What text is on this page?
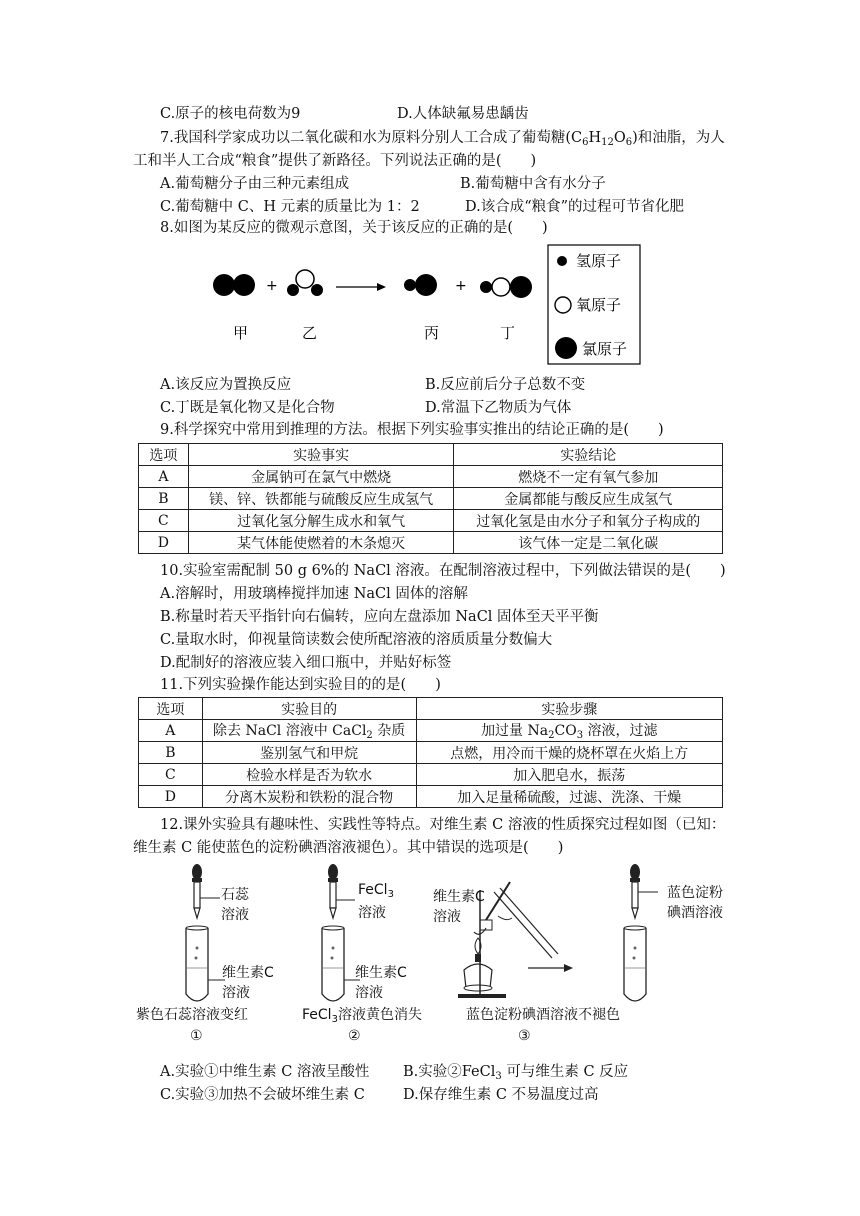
C.原子的核电荷数为9	D.人体缺氟易患龋齿
7.我国科学家成功以二氧化碳和水为原料分别人工合成了葡萄糖$(C_6H_{12}O_6)$和油脂，为人
工和半人工合成“粮食”提供了新路径。下列说法正确的是(　　)
A.葡萄糖分子由三种元素组成	B.葡萄糖中含有水分子
C.葡萄糖中 C、H 元素的质量比为 1：2	D.该合成“粮食”的过程可节省化肥
8.如图为某反应的微观示意图，关于该反应的正确的是(　　)
+	+
甲	乙	丙	丁
氢原子
氧原子
氯原子
A.该反应为置换反应	B.反应前后分子总数不变
C.丁既是氧化物又是化合物	D.常温下乙物质为气体
9.科学探究中常用到推理的方法。根据下列实验事实推出的结论正确的是(　　)
选项	实验事实	实验结论
A	金属钠可在氯气中燃烧	燃烧不一定有氧气参加
B	镁、锌、铁都能与硫酸反应生成氢气	金属都能与酸反应生成氢气
C	过氧化氢分解生成水和氧气	过氧化氢是由水分子和氧分子构成的
D	某气体能使燃着的木条熄灭	该气体一定是二氧化碳
10.实验室需配制 50 g 6%的 NaCl 溶液。在配制溶液过程中，下列做法错误的是(　　)
A.溶解时，用玻璃棒搅拌加速 NaCl 固体的溶解
B.称量时若天平指针向右偏转，应向左盘添加 NaCl 固体至天平平衡
C.量取水时，仰视量筒读数会使所配溶液的溶质质量分数偏大
D.配制好的溶液应装入细口瓶中，并贴好标签
11.下列实验操作能达到实验目的的是(　　)
选项	实验目的	实验步骤
A	除去 NaCl 溶液中 CaCl$_2$ 杂质	加过量 $Na_2CO_3$ 溶液，过滤
B	鉴别氢气和甲烷	点燃，用冷而干燥的烧杯罩在火焰上方
C	检验水样是否为软水	加入肥皂水，振荡
D	分离木炭粉和铁粉的混合物	加入足量稀硫酸，过滤、洗涤、干燥
12.课外实验具有趣味性、实践性等特点。对维生素 C 溶液的性质探究过程如图（已知：
维生素 C 能使蓝色的淀粉碘酒溶液褪色）。其中错误的选项是(　　)
石蕊
溶液
维生素C
溶液
紫色石蕊溶液变红
①
FeCl$_3$
溶液
维生素C
溶液
FeCl$_3$溶液黄色消失
②
维生素C
溶液
蓝色淀粉
碘酒溶液
蓝色淀粉碘酒溶液不褪色
③
A.实验①中维生素 C 溶液呈酸性 B.实验②FeCl$_3$ 可与维生素 C 反应
C.实验③加热不会破坏维生素 C	D.保存维生素 C 不易温度过高
